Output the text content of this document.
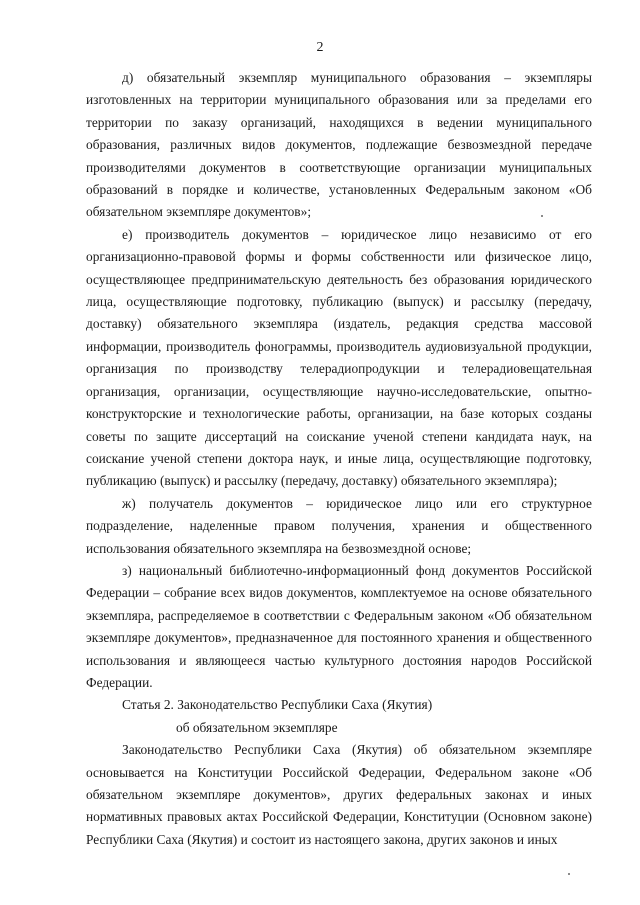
2

д) обязательный экземпляр муниципального образования – экземпляры изготовленных на территории муниципального образования или за пределами его территории по заказу организаций, находящихся в ведении муниципального образования, различных видов документов, подлежащие безвозмездной передаче производителями документов в соответствующие организации муниципальных образований в порядке и количестве, установленных Федеральным законом «Об обязательном экземпляре документов»;

е) производитель документов – юридическое лицо независимо от его организационно-правовой формы и формы собственности или физическое лицо, осуществляющее предпринимательскую деятельность без образования юридического лица, осуществляющие подготовку, публикацию (выпуск) и рассылку (передачу, доставку) обязательного экземпляра (издатель, редакция средства массовой информации, производитель фонограммы, производитель аудиовизуальной продукции, организация по производству телерадиопродукции и телерадиовещательная организация, организации, осуществляющие научно-исследовательские, опытно-конструкторские и технологические работы, организации, на базе которых созданы советы по защите диссертаций на соискание ученой степени кандидата наук, на соискание ученой степени доктора наук, и иные лица, осуществляющие подготовку, публикацию (выпуск) и рассылку (передачу, доставку) обязательного экземпляра);

ж) получатель документов – юридическое лицо или его структурное подразделение, наделенные правом получения, хранения и общественного использования обязательного экземпляра на безвозмездной основе;

з) национальный библиотечно-информационный фонд документов Российской Федерации – собрание всех видов документов, комплектуемое на основе обязательного экземпляра, распределяемое в соответствии с Федеральным законом «Об обязательном экземпляре документов», предназначенное для постоянного хранения и общественного использования и являющееся частью культурного достояния народов Российской Федерации.

Статья 2. Законодательство Республики Саха (Якутия)

об обязательном экземпляре

Законодательство Республики Саха (Якутия) об обязательном экземпляре основывается на Конституции Российской Федерации, Федеральном законе «Об обязательном экземпляре документов», других федеральных законах и иных нормативных правовых актах Российской Федерации, Конституции (Основном законе) Республики Саха (Якутия) и состоит из настоящего закона, других законов и иных
